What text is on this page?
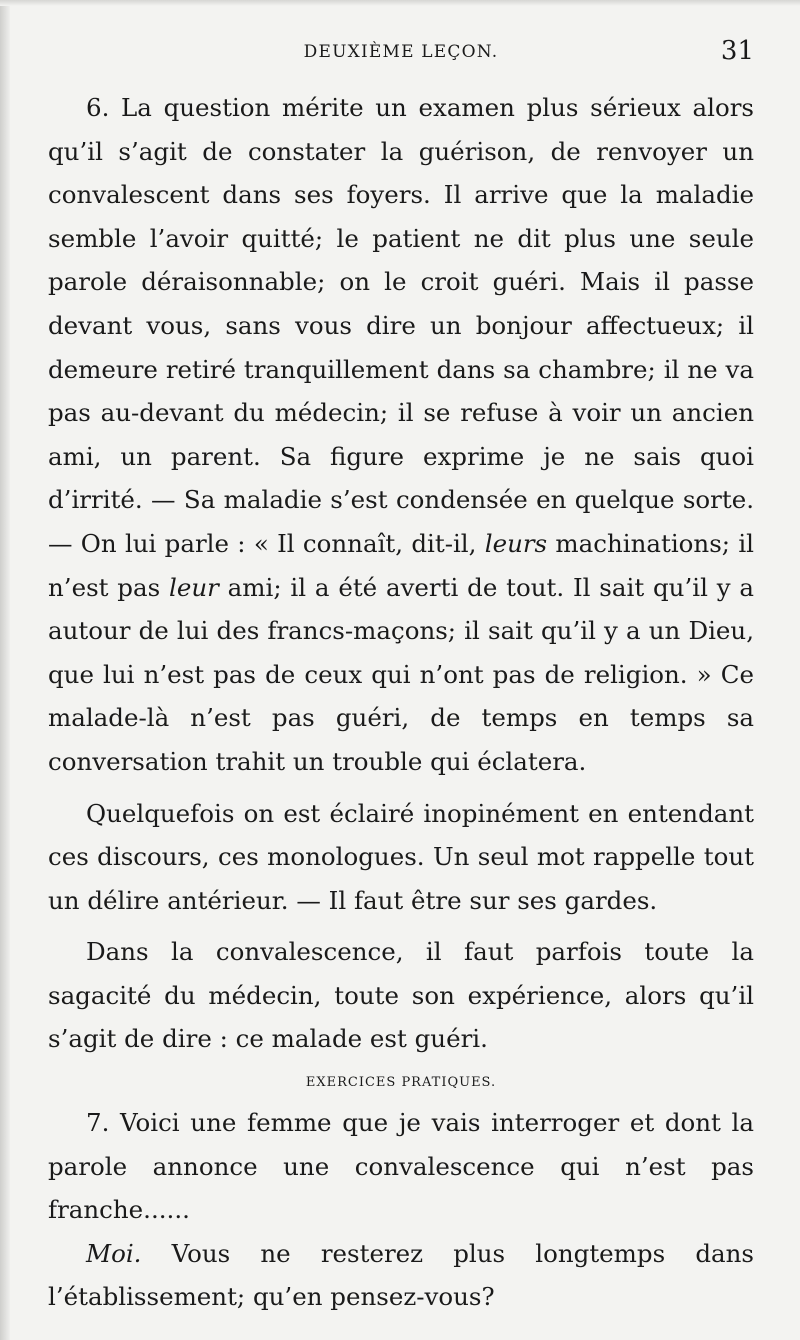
DEUXIÈME LEÇON.	31

6. La question mérite un examen plus sérieux alors qu’il s’agit de constater la guérison, de renvoyer un convalescent dans ses foyers. Il arrive que la maladie semble l’avoir quitté; le patient ne dit plus une seule parole déraisonnable; on le croit guéri. Mais il passe devant vous, sans vous dire un bonjour affectueux; il demeure retiré tranquillement dans sa chambre; il ne va pas au-devant du médecin; il se refuse à voir un ancien ami, un parent. Sa figure exprime je ne sais quoi d’irrité. — Sa maladie s’est condensée en quelque sorte. — On lui parle : « Il connaît, dit-il, leurs machinations; il n’est pas leur ami; il a été averti de tout. Il sait qu’il y a autour de lui des francs-maçons; il sait qu’il y a un Dieu, que lui n’est pas de ceux qui n’ont pas de religion. » Ce malade-là n’est pas guéri, de temps en temps sa conversation trahit un trouble qui éclatera.

Quelquefois on est éclairé inopinément en entendant ces discours, ces monologues. Un seul mot rappelle tout un délire antérieur. — Il faut être sur ses gardes.

Dans la convalescence, il faut parfois toute la sagacité du médecin, toute son expérience, alors qu’il s’agit de dire : ce malade est guéri.

EXERCICES PRATIQUES.

7. Voici une femme que je vais interroger et dont la parole annonce une convalescence qui n’est pas franche......

Moi. Vous ne resterez plus longtemps dans l’établissement; qu’en pensez-vous?
